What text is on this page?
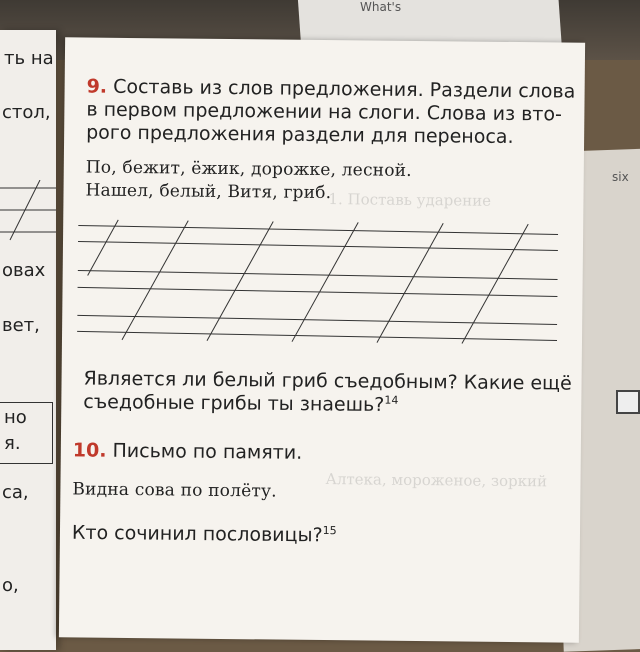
What's
six
ть на
стол,
овах
вет,
но
я.
са,
о,
1. Поставь ударение
Алтека, мороженое, зоркий
9. Составь из слов предложения. Раздели слова
в первом предложении на слоги. Слова из вто-
рого предложения раздели для переноса.
По, бежит, ёжик, дорожке, лесной.
Нашел, белый, Витя, гриб.
Является ли белый гриб съедобным? Какие ещё
съедобные грибы ты знаешь?$^{14}$
10. Письмо по памяти.
Видна сова по полёту.
Кто сочинил пословицы?$^{15}$
